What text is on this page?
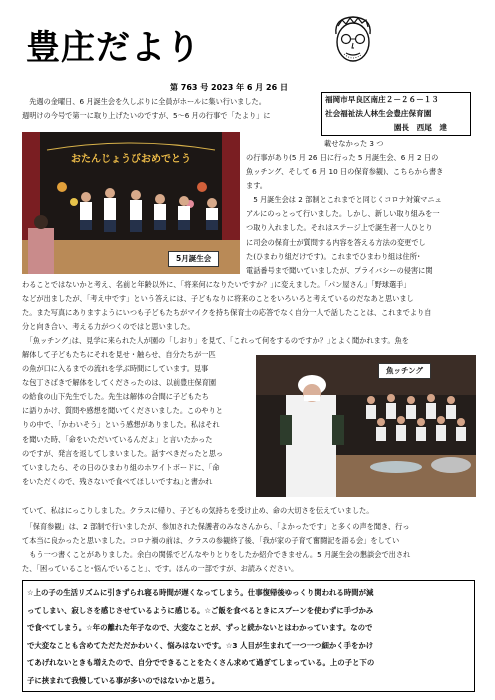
豊庄だより
第 763 号 2023 年 6 月 26 日
福岡市早良区南庄２－２６－１３
社会福祉法人林生会豊庄保育園
園長　西尾　達
　先週の金曜日、6 月誕生会を久しぶりに全員がホールに集い行いました。
週明けの今号で第一に取り上げたいのですが、5～6 月の行事で「たより」に
おたんじょうびおめでとう
5月誕生会
載せなかった 3 つ
の行事があり(5 月 26 日に行った 5 月誕生会、6 月 2 日の
魚ッチング、そして 6 月 10 日の保育参観)、こちらから書き
ます。
　5 月誕生会は 2 部制とこれまでと同じくコロナ対策マニュ
アルにのっとって行いました。しかし、新しい取り組みを一
つ取り入れました。それはステージ上で誕生者一人ひとり
に司会の保育士が質問する内容を答える方法の変更でし
た(ひまわり組だけです)。これまでひまわり組は住所･
電話番号まで聞いていましたが、プライバシーの侵害に関
わることではないかと考え、名前と年齢以外に、｢将来何になりたいですか？｣に変えました。「パン屋さん」「野球選手」
などが出ましたが、「考え中です」という答えには、子どもなりに将来のことをいろいろと考えているのだなあと思いまし
た。また写真にありますようにいつも子どもたちがマイクを持ち保育士の応答でなく自分一人で話したことは、これまでより自
分と向き合い、考える力がつくのではと思いました。
　｢魚ッチング｣は、見学に来られた人が園の「しおり」を見て、｢これって何をするのですか？｣とよく聞かれます。魚を
解体して子どもたちにそれを見せ・触らせ、自分たちが一匹
の魚が口に入るまでの流れを学ぶ時間にしています。見事
な包丁さばきで解体をしてくださったのは、以前豊庄保育園
の給食の山下先生でした。先生は解体の合間に子どもたち
に語りかけ、質問や感想を聞いてくださいました。このやりと
りの中で、「かわいそう」という感想がありました。私はそれ
を聞いた時、「命をいただいているんだよ」と言いたかった
のですが、発言を返してしまいました。話すべきだったと思っ
ていましたら、その日のひまわり組のホワイトボードに、｢命
をいただくので、残さないで食べてほしいですね｣と書かれ
ていて、私はにっこりしました。クラスに帰り、子どもの気持ちを受け止め、命の大切さを伝えていました。
魚ッチング
　「保育参観」は、2 部制で行いましたが、参加された保護者のみなさんから、「よかったです」と多くの声を聞き、行っ
て本当に良かったと思いました。コロナ禍の前は、クラスの参観終了後、「我が家の子育て奮闘記を語る会」をしてい
　もう一つ書くことがありました。余白の関係でどんなやりとりをしたか紹介できません。5 月誕生会の懇談会で出され
た、｢困っていること･悩んでいること｣、です。ほんの一部ですが、お読みください。
☆上の子の生活リズムに引きずられ寝る時間が遅くなってしまう。仕事復帰後ゆっくり関われる時間が減
ってしまい、寂しさを感じさせているように感じる。☆ご飯を食べるときにスプーンを使わずに手づかみ
で食べてしまう。☆年の離れた年子なので、大変なことが、ずっと続かないとはわかっています。なので
で大変なことも含めてただただかわいく、悩みはないです。☆3 人目が生まれて一つ一つ細かく手をかけ
てあげれないときも増えたので、自分でできることをたくさん求めて過ぎてしまっている。上の子と下の
子に挟まれて我慢している事が多いのではないかと思う。
